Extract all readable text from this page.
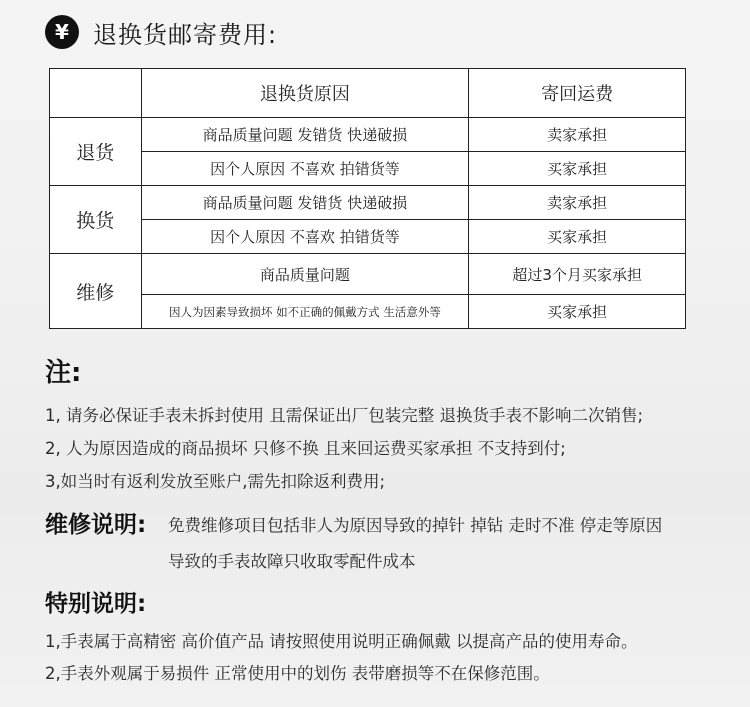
¥	退换货邮寄费用:
	退换货原因	寄回运费
退货	商品质量问题 发错货 快递破损	卖家承担
	因个人原因 不喜欢 拍错货等	买家承担
换货	商品质量问题 发错货 快递破损	卖家承担
	因个人原因 不喜欢 拍错货等	买家承担
维修	商品质量问题	超过3个月买家承担
	因人为因素导致损坏 如不正确的佩戴方式 生活意外等	买家承担
注:
1, 请务必保证手表未拆封使用 且需保证出厂包装完整 退换货手表不影响二次销售;
2, 人为原因造成的商品损坏 只修不换 且来回运费买家承担 不支持到付;
3,如当时有返利发放至账户,需先扣除返利费用;
维修说明: 免费维修项目包括非人为原因导致的掉针 掉钻 走时不准 停走等原因
导致的手表故障只收取零配件成本
特别说明:
1,手表属于高精密 高价值产品 请按照使用说明正确佩戴 以提高产品的使用寿命。
2,手表外观属于易损件 正常使用中的划伤 表带磨损等不在保修范围。
